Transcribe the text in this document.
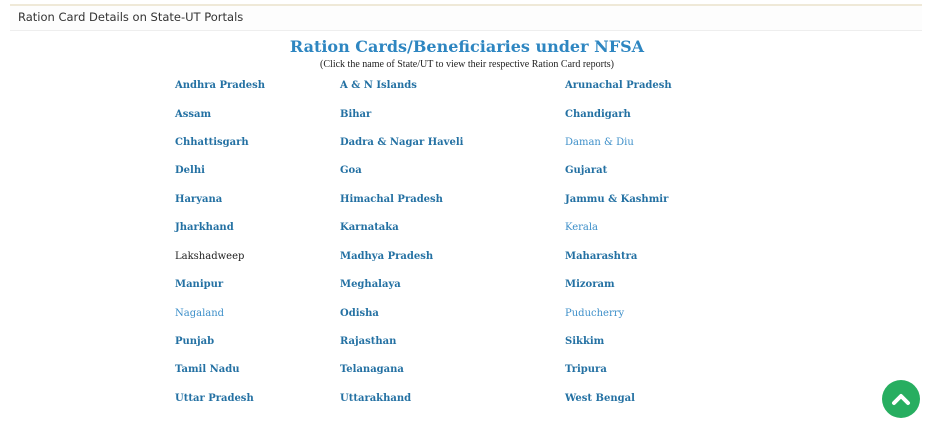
Ration Card Details on State-UT Portals
Ration Cards/Beneficiaries under NFSA
(Click the name of State/UT to view their respective Ration Card reports)
Andhra Pradesh	A & N Islands	Arunachal Pradesh
Assam	Bihar	Chandigarh
Chhattisgarh	Dadra & Nagar Haveli	Daman & Diu
Delhi	Goa	Gujarat
Haryana	Himachal Pradesh	Jammu & Kashmir
Jharkhand	Karnataka	Kerala
Lakshadweep	Madhya Pradesh	Maharashtra
Manipur	Meghalaya	Mizoram
Nagaland	Odisha	Puducherry
Punjab	Rajasthan	Sikkim
Tamil Nadu	Telanagana	Tripura
Uttar Pradesh	Uttarakhand	West Bengal
